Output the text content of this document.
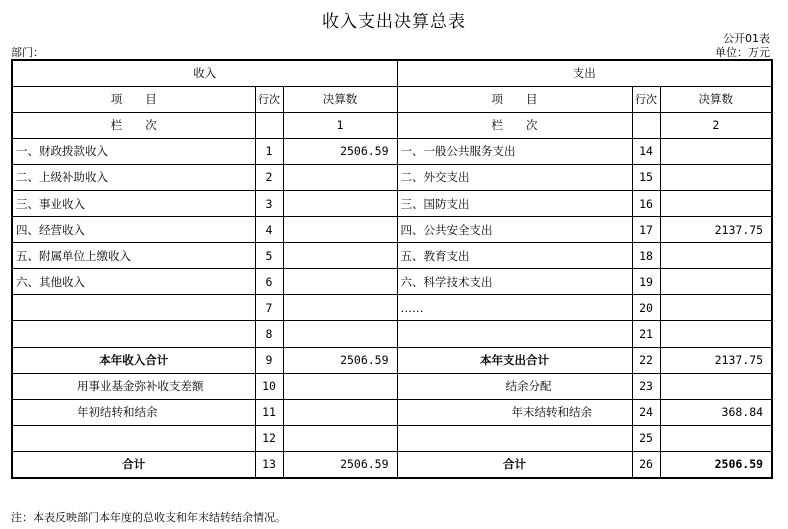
收入支出决算总表
公开01表
部门：	单位：万元
收入			支出		
项　　目	行次	决算数	项　　目	行次	决算数
栏　　次		1	栏　　次		2
一、财政拨款收入	1	2506.59	一、一般公共服务支出	14	
二、上级补助收入	2		二、外交支出	15	
三、事业收入	3		三、国防支出	16	
四、经营收入	4		四、公共安全支出	17	2137.75
五、附属单位上缴收入	5		五、教育支出	18	
六、其他收入	6		六、科学技术支出	19	
	7		……	20	
	8			21	
本年收入合计	9	2506.59	本年支出合计	22	2137.75
用事业基金弥补收支差额	10		结余分配	23	
年初结转和结余	11		年末结转和结余	24	368.84
	12			25	
合计	13	2506.59	合计	26	2506.59
注：本表反映部门本年度的总收支和年末结转结余情况。
